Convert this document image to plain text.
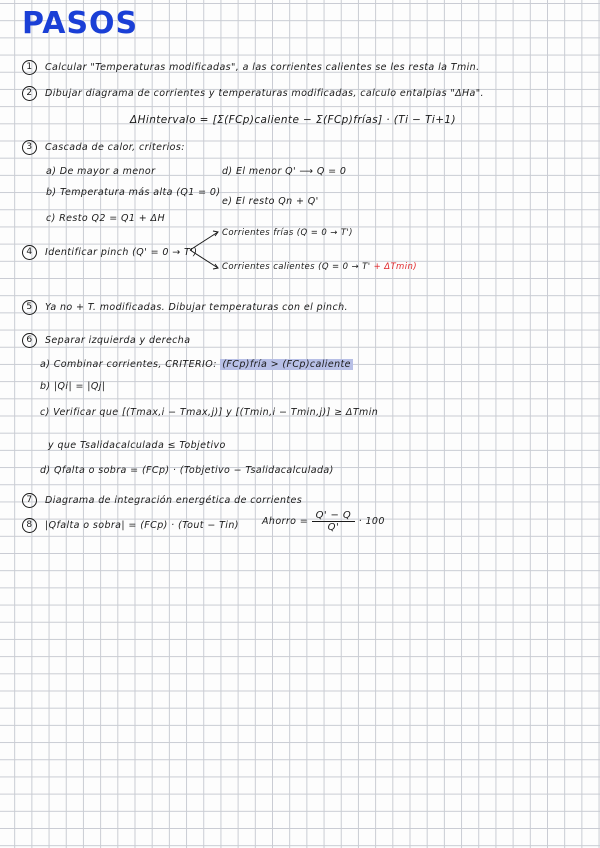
PASOS
1 Calcular "Temperaturas modificadas", a las corrientes calientes se les resta la Tmin.
2 Dibujar diagrama de corrientes y temperaturas modificadas, calculo entalpias "ΔHa".
ΔHintervalo = [Σ(FCp)caliente − Σ(FCp)frías] · (Ti − Ti+1)
3 Cascada de calor, criterios:
a) De mayor a menor
b) Temperatura más alta (Q1 = 0)
c) Resto Q2 = Q1 + ΔH
d) El menor Q' ⟶ Q = 0
e) El resto Qn + Q'
4 Identificar pinch (Q' = 0 → T')
Corrientes frías (Q = 0 → T')
Corrientes calientes (Q = 0 → T' + ΔTmin)
5 Ya no + T. modificadas. Dibujar temperaturas con el pinch.
6 Separar izquierda y derecha
a) Combinar corrientes, CRITERIO: (FCp)fría > (FCp)caliente
b) |Qi| = |Qj|
c) Verificar que [(Tmax,i − Tmax,j)] y [(Tmin,i − Tmin,j)] ≥ ΔTmin
y que Tsalidacalculada ≤ Tobjetivo
d) Qfalta o sobra = (FCp) · (Tobjetivo − Tsalidacalculada)
7 Diagrama de integración energética de corrientes
8 |Qfalta o sobra| = (FCp) · (Tout − Tin) Ahorro = $\frac{Q' - Q}{Q'} \cdot 100$
